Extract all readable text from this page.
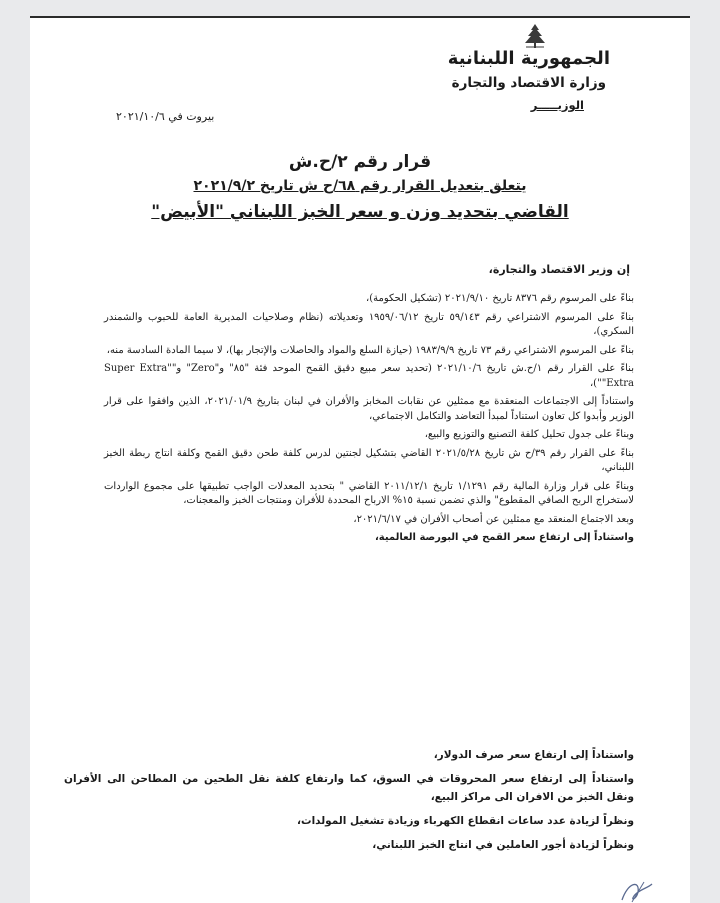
الجمهورية اللبنانية
وزارة الاقتصاد والتجارة
الوزيـــــر
بيروت في ٢٠٢١/١٠/٦
قرار رقم ٢/ح.ش
يتعلق بتعديل القرار رقم ٦٨/ح ش تاريخ ٢٠٢١/٩/٢
القاضي بتحديد وزن و سعر الخبز اللبناني "الأبيض"
إن وزير الاقتصاد والتجارة،

بناءً على المرسوم رقم ٨٣٧٦ تاريخ ٢٠٢١/٩/١٠ (تشكيل الحكومة)،

بناءً على المرسوم الاشتراعي رقم ٥٩/١٤٣ تاريخ ١٩٥٩/٠٦/١٢ وتعديلاته (نظام وصلاحيات المديرية العامة للحبوب والشمندر السكري)،

بناءً على المرسوم الاشتراعي رقم ٧٣ تاريخ ١٩٨٣/٩/٩ (حيازة السلع والمواد والحاصلات والإتجار بها)، لا سيما المادة السادسة منه،

بناءً على القرار رقم ١/ح.ش تاريخ ٢٠٢١/١٠/٦ (تحديد سعر مبيع دقيق القمح الموحد فئة "٨٥" و"Zero" و"Super Extra" "Extra")،

واستناداً إلى الاجتماعات المنعقدة مع ممثلين عن نقابات المخابز والأفران في لبنان بتاريخ ٢٠٢١/٠١/٩، الذين وافقوا على قرار الوزير وأبدوا كل تعاون استناداً لمبدأ التعاضد والتكامل الاجتماعي،

وبناءً على جدول تحليل كلفة التصنيع والتوزيع والبيع،

بناءً على القرار رقم ٣٩/ح ش تاريخ ٢٠٢١/٥/٢٨ القاضي بتشكيل لجنتين لدرس كلفة طحن دقيق القمح وكلفة انتاج ربطة الخبز اللبناني،

وبناءً على قرار وزارة المالية رقم ١/١٢٩١ تاريخ ٢٠١١/١٢/١ القاضي " بتحديد المعدلات الواجب تطبيقها على مجموع الواردات لاستخراج الربح الصافي المقطوع" والذي تضمن نسبة ١٥% الارباح المحددة للأفران ومنتجات الخبز والمعجنات،

وبعد الاجتماع المنعقد مع ممثلين عن أصحاب الأفران في ٢٠٢١/٦/١٧،

واستناداً إلى ارتفاع سعر القمح في البورصة العالمية،

واستناداً إلى ارتفاع سعر صرف الدولار،

واستناداً إلى ارتفاع سعر المحروقات في السوق، كما وارتفاع كلفة نقل الطحين من المطاحن الى الأفران ونقل الخبز من الافران الى مراكز البيع،

ونظراً لزيادة عدد ساعات انقطاع الكهرباء وزيادة تشغيل المولدات،

ونظراً لزيادة أجور العاملين في انتاج الخبز اللبناني،
